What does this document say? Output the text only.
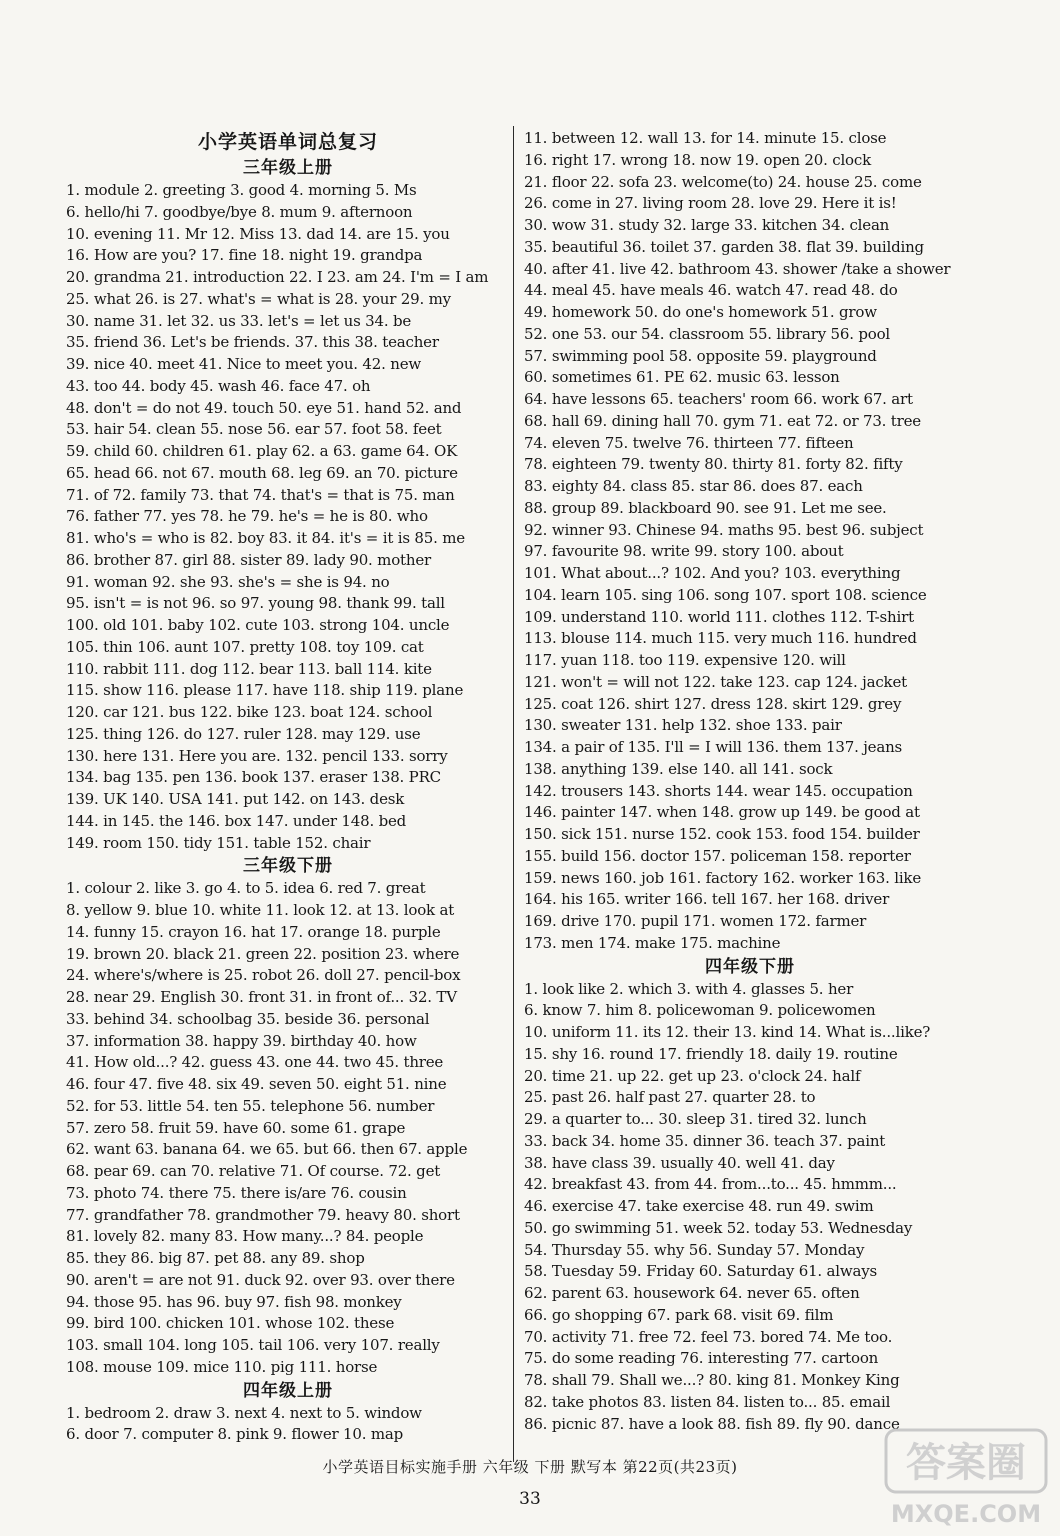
小学英语单词总复习
三年级上册
1. module 2. greeting 3. good 4. morning 5. Ms
6. hello/hi 7. goodbye/bye 8. mum 9. afternoon
10. evening 11. Mr 12. Miss 13. dad 14. are 15. you
16. How are you? 17. fine 18. night 19. grandpa
20. grandma 21. introduction 22. I 23. am 24. I'm = I am
25. what 26. is 27. what's = what is 28. your 29. my
30. name 31. let 32. us 33. let's = let us 34. be
35. friend 36. Let's be friends. 37. this 38. teacher
39. nice 40. meet 41. Nice to meet you. 42. new
43. too 44. body 45. wash 46. face 47. oh
48. don't = do not 49. touch 50. eye 51. hand 52. and
53. hair 54. clean 55. nose 56. ear 57. foot 58. feet
59. child 60. children 61. play 62. a 63. game 64. OK
65. head 66. not 67. mouth 68. leg 69. an 70. picture
71. of 72. family 73. that 74. that's = that is 75. man
76. father 77. yes 78. he 79. he's = he is 80. who
81. who's = who is 82. boy 83. it 84. it's = it is 85. me
86. brother 87. girl 88. sister 89. lady 90. mother
91. woman 92. she 93. she's = she is 94. no
95. isn't = is not 96. so 97. young 98. thank 99. tall
100. old 101. baby 102. cute 103. strong 104. uncle
105. thin 106. aunt 107. pretty 108. toy 109. cat
110. rabbit 111. dog 112. bear 113. ball 114. kite
115. show 116. please 117. have 118. ship 119. plane
120. car 121. bus 122. bike 123. boat 124. school
125. thing 126. do 127. ruler 128. may 129. use
130. here 131. Here you are. 132. pencil 133. sorry
134. bag 135. pen 136. book 137. eraser 138. PRC
139. UK 140. USA 141. put 142. on 143. desk
144. in 145. the 146. box 147. under 148. bed
149. room 150. tidy 151. table 152. chair
三年级下册
1. colour 2. like 3. go 4. to 5. idea 6. red 7. great
8. yellow 9. blue 10. white 11. look 12. at 13. look at
14. funny 15. crayon 16. hat 17. orange 18. purple
19. brown 20. black 21. green 22. position 23. where
24. where's/where is 25. robot 26. doll 27. pencil-box
28. near 29. English 30. front 31. in front of... 32. TV
33. behind 34. schoolbag 35. beside 36. personal
37. information 38. happy 39. birthday 40. how
41. How old...? 42. guess 43. one 44. two 45. three
46. four 47. five 48. six 49. seven 50. eight 51. nine
52. for 53. little 54. ten 55. telephone 56. number
57. zero 58. fruit 59. have 60. some 61. grape
62. want 63. banana 64. we 65. but 66. then 67. apple
68. pear 69. can 70. relative 71. Of course. 72. get
73. photo 74. there 75. there is/are 76. cousin
77. grandfather 78. grandmother 79. heavy 80. short
81. lovely 82. many 83. How many...? 84. people
85. they 86. big 87. pet 88. any 89. shop
90. aren't = are not 91. duck 92. over 93. over there
94. those 95. has 96. buy 97. fish 98. monkey
99. bird 100. chicken 101. whose 102. these
103. small 104. long 105. tail 106. very 107. really
108. mouse 109. mice 110. pig 111. horse
四年级上册
1. bedroom 2. draw 3. next 4. next to 5. window
6. door 7. computer 8. pink 9. flower 10. map
11. between 12. wall 13. for 14. minute 15. close
16. right 17. wrong 18. now 19. open 20. clock
21. floor 22. sofa 23. welcome(to) 24. house 25. come
26. come in 27. living room 28. love 29. Here it is!
30. wow 31. study 32. large 33. kitchen 34. clean
35. beautiful 36. toilet 37. garden 38. flat 39. building
40. after 41. live 42. bathroom 43. shower /take a shower
44. meal 45. have meals 46. watch 47. read 48. do
49. homework 50. do one's homework 51. grow
52. one 53. our 54. classroom 55. library 56. pool
57. swimming pool 58. opposite 59. playground
60. sometimes 61. PE 62. music 63. lesson
64. have lessons 65. teachers' room 66. work 67. art
68. hall 69. dining hall 70. gym 71. eat 72. or 73. tree
74. eleven 75. twelve 76. thirteen 77. fifteen
78. eighteen 79. twenty 80. thirty 81. forty 82. fifty
83. eighty 84. class 85. star 86. does 87. each
88. group 89. blackboard 90. see 91. Let me see.
92. winner 93. Chinese 94. maths 95. best 96. subject
97. favourite 98. write 99. story 100. about
101. What about...? 102. And you? 103. everything
104. learn 105. sing 106. song 107. sport 108. science
109. understand 110. world 111. clothes 112. T-shirt
113. blouse 114. much 115. very much 116. hundred
117. yuan 118. too 119. expensive 120. will
121. won't = will not 122. take 123. cap 124. jacket
125. coat 126. shirt 127. dress 128. skirt 129. grey
130. sweater 131. help 132. shoe 133. pair
134. a pair of 135. I'll = I will 136. them 137. jeans
138. anything 139. else 140. all 141. sock
142. trousers 143. shorts 144. wear 145. occupation
146. painter 147. when 148. grow up 149. be good at
150. sick 151. nurse 152. cook 153. food 154. builder
155. build 156. doctor 157. policeman 158. reporter
159. news 160. job 161. factory 162. worker 163. like
164. his 165. writer 166. tell 167. her 168. driver
169. drive 170. pupil 171. women 172. farmer
173. men 174. make 175. machine
四年级下册
1. look like 2. which 3. with 4. glasses 5. her
6. know 7. him 8. policewoman 9. policewomen
10. uniform 11. its 12. their 13. kind 14. What is...like?
15. shy 16. round 17. friendly 18. daily 19. routine
20. time 21. up 22. get up 23. o'clock 24. half
25. past 26. half past 27. quarter 28. to
29. a quarter to... 30. sleep 31. tired 32. lunch
33. back 34. home 35. dinner 36. teach 37. paint
38. have class 39. usually 40. well 41. day
42. breakfast 43. from 44. from...to... 45. hmmm...
46. exercise 47. take exercise 48. run 49. swim
50. go swimming 51. week 52. today 53. Wednesday
54. Thursday 55. why 56. Sunday 57. Monday
58. Tuesday 59. Friday 60. Saturday 61. always
62. parent 63. housework 64. never 65. often
66. go shopping 67. park 68. visit 69. film
70. activity 71. free 72. feel 73. bored 74. Me too.
75. do some reading 76. interesting 77. cartoon
78. shall 79. Shall we...? 80. king 81. Monkey King
82. take photos 83. listen 84. listen to... 85. email
86. picnic 87. have a look 88. fish 89. fly 90. dance
小学英语目标实施手册 六年级 下册 默写本 第22页(共23页)
33
答案圈
MXQE.COM
